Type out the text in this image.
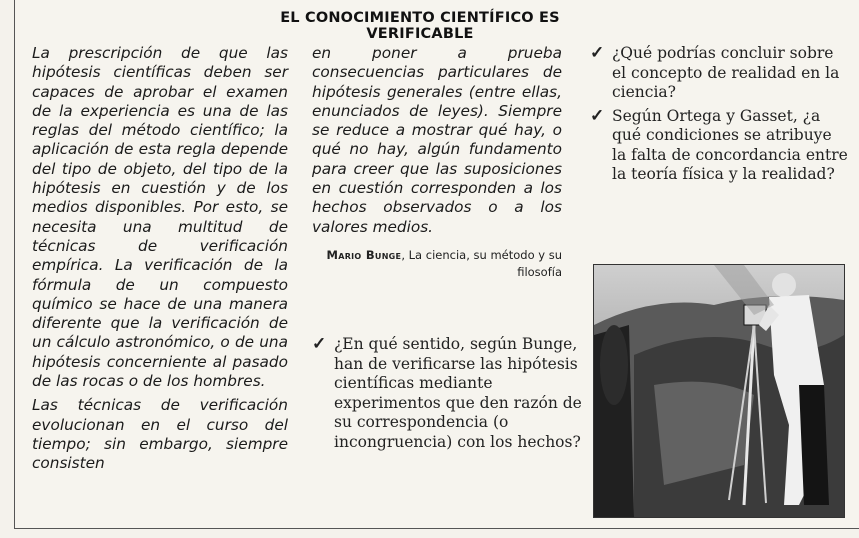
EL CONOCIMIENTO CIENTÍFICO ES VERIFICABLE

La prescripción de que las hipótesis científicas deben ser capaces de aprobar el examen de la experiencia es una de las reglas del método científico; la aplicación de esta regla depende del tipo de objeto, del tipo de la hipótesis en cuestión y de los medios disponibles. Por esto, se necesita una multitud de técnicas de verificación empírica. La verificación de la fórmula de un compuesto químico se hace de una manera diferente que la verificación de un cálculo astronómico, o de una hipótesis concerniente al pasado de las rocas o de los hombres.

Las técnicas de verificación evolucionan en el curso del tiempo; sin embargo, siempre consisten

en poner a prueba consecuencias particulares de hipótesis generales (entre ellas, enunciados de leyes). Siempre se reduce a mostrar qué hay, o qué no hay, algún fundamento para creer que las suposiciones en cuestión corresponden a los hechos observados o a los valores medios.

Mario Bunge, La ciencia, su método y su filosofía
✓ ¿En qué sentido, según Bunge, han de verificarse las hipótesis científicas mediante experimentos que den razón de su correspondencia (o incongruencia) con los hechos?
✓ ¿Qué podrías concluir sobre el concepto de realidad en la ciencia?
✓ Según Ortega y Gasset, ¿a qué condiciones se atribuye la falta de concordancia entre la teoría física y la realidad?
